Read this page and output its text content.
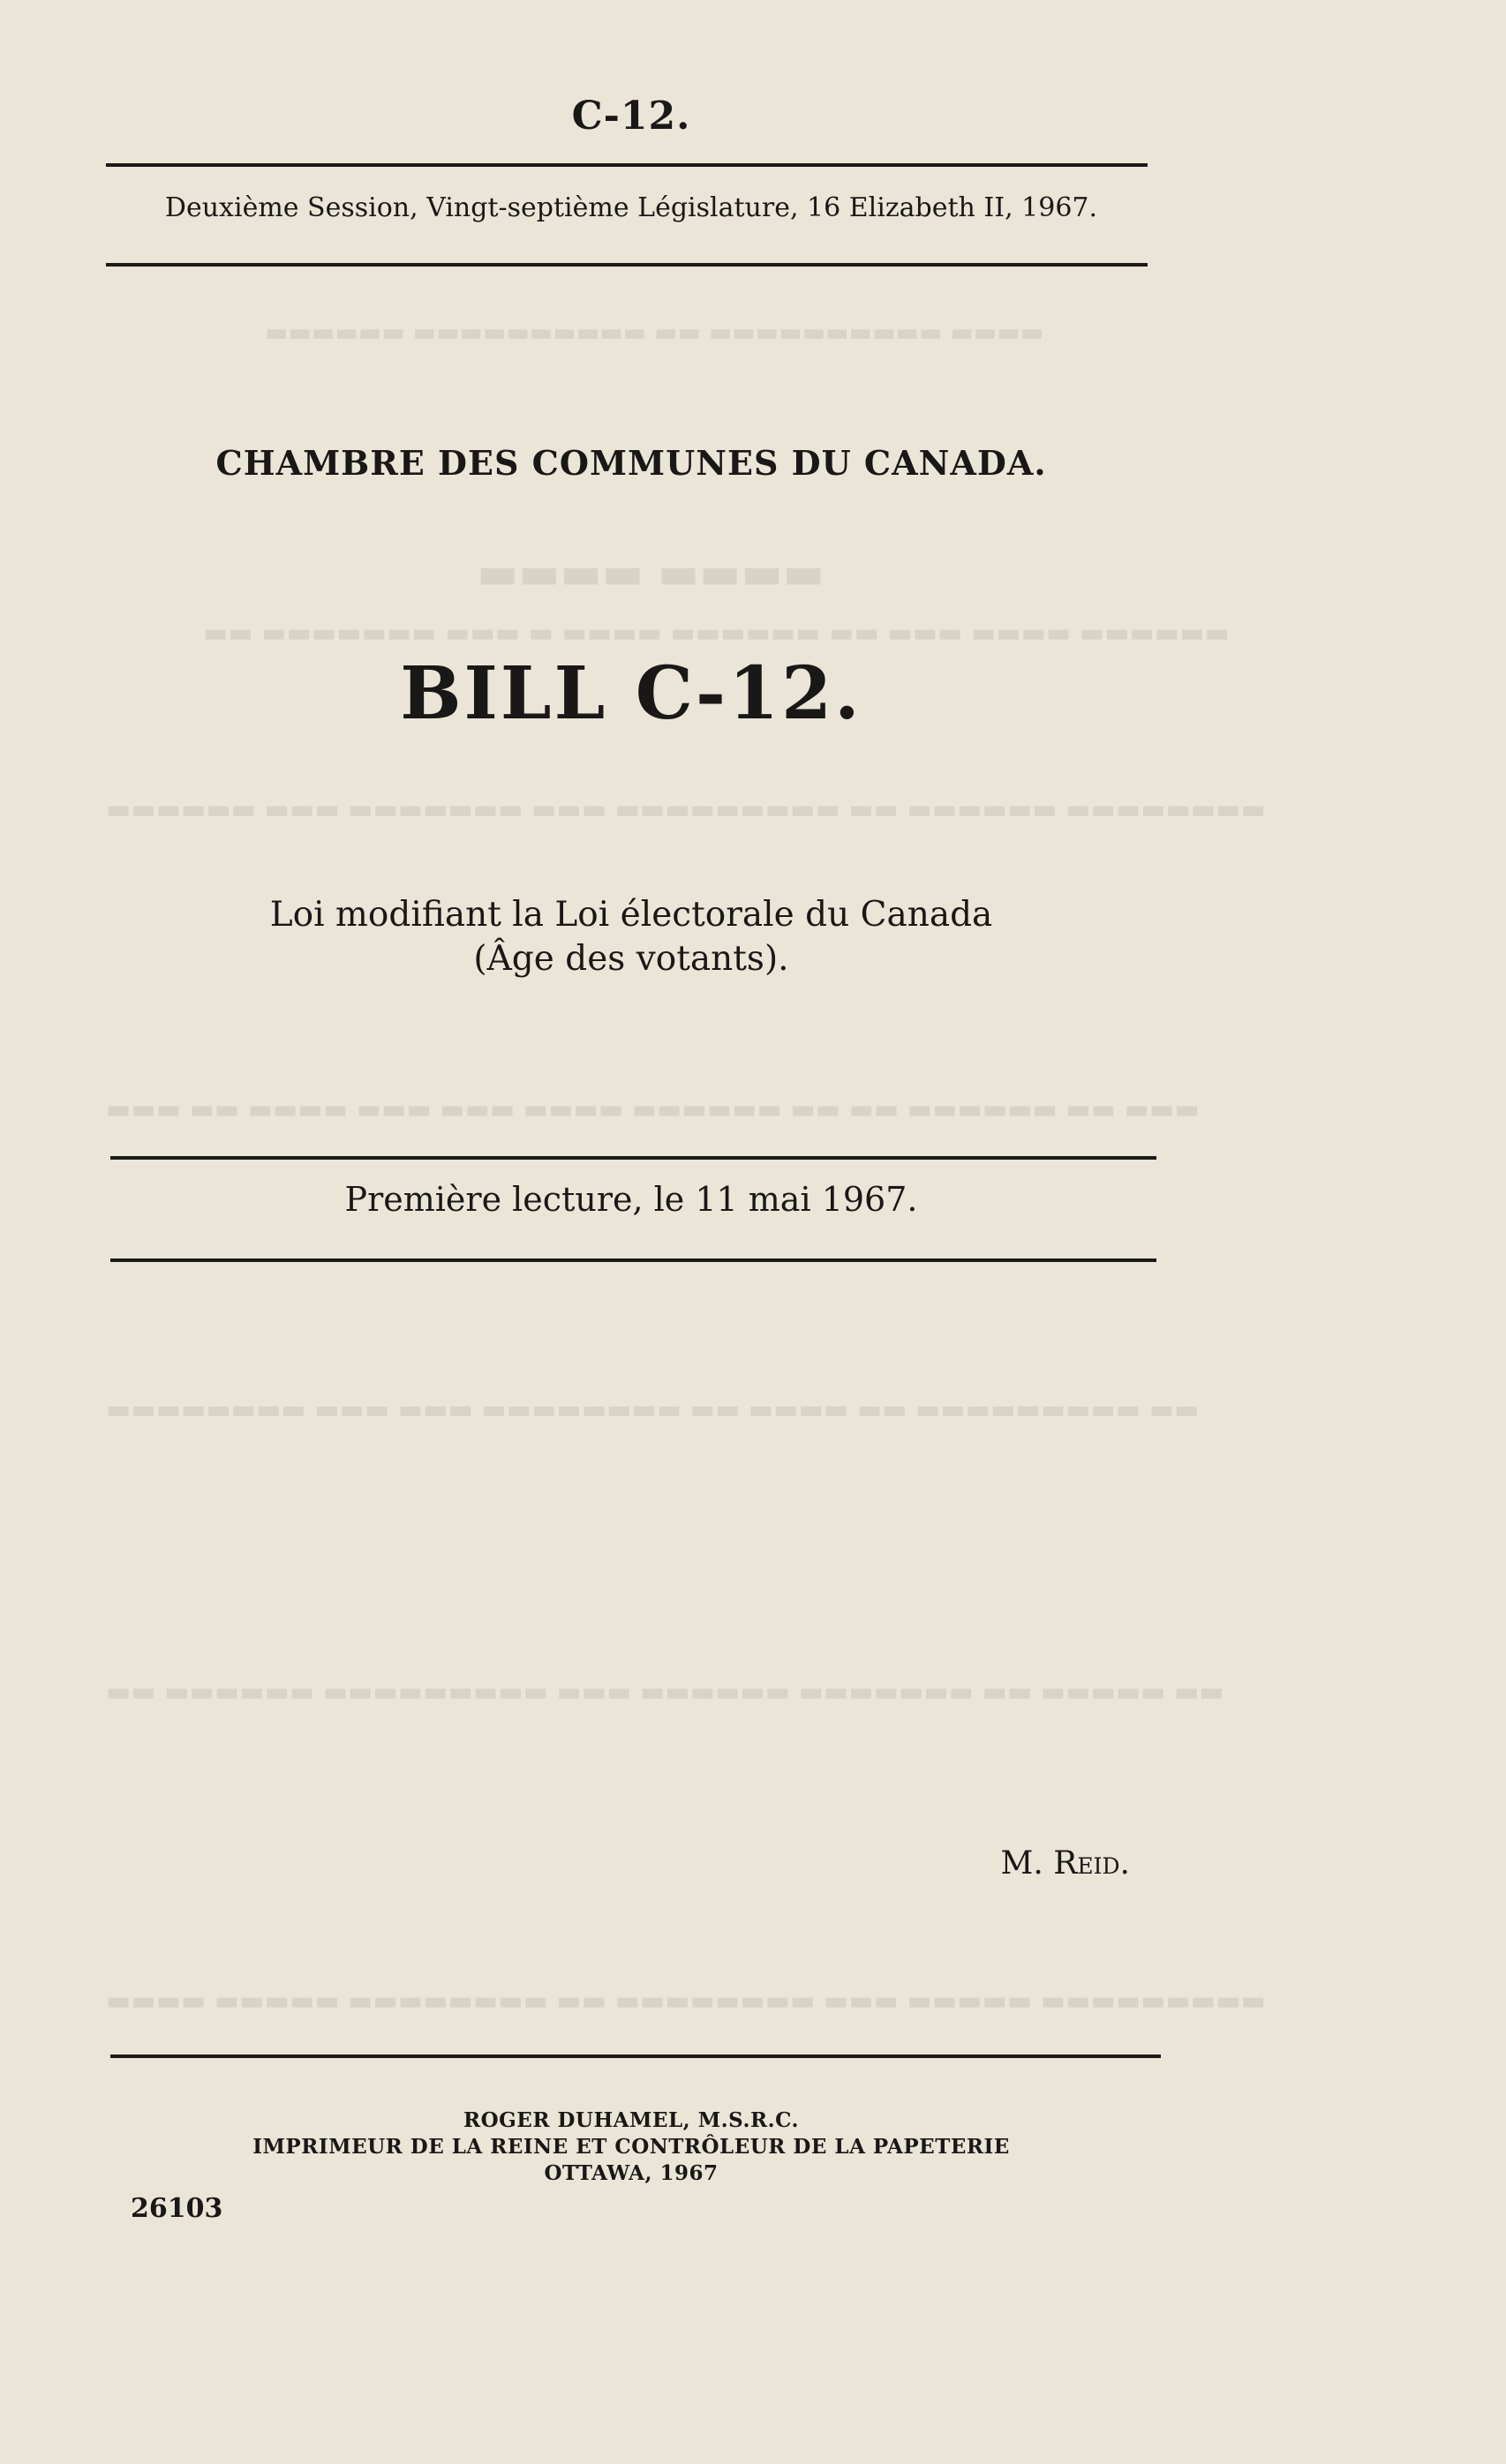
▬▬▬▬▬▬ ▬▬▬▬▬▬▬▬▬▬ ▬▬ ▬▬▬▬▬▬▬▬▬▬ ▬▬▬▬
▬▬▬▬ ▬▬▬▬
▬▬ ▬▬▬▬▬▬▬ ▬▬▬ ▬ ▬▬▬▬ ▬▬▬▬▬▬ ▬▬ ▬▬▬ ▬▬▬▬ ▬▬▬▬▬▬
▬▬▬▬▬▬ ▬▬▬ ▬▬▬▬▬▬▬ ▬▬▬ ▬▬▬▬▬▬▬▬▬ ▬▬ ▬▬▬▬▬▬ ▬▬▬▬▬▬▬▬
▬▬▬ ▬▬ ▬▬▬▬ ▬▬▬ ▬▬▬ ▬▬▬▬ ▬▬▬▬▬▬ ▬▬ ▬▬ ▬▬▬▬▬▬ ▬▬ ▬▬▬
▬▬▬▬▬▬▬▬ ▬▬▬ ▬▬▬ ▬▬▬▬▬▬▬▬ ▬▬ ▬▬▬▬ ▬▬ ▬▬▬▬▬▬▬▬▬ ▬▬
▬▬ ▬▬▬▬▬▬ ▬▬▬▬▬▬▬▬▬ ▬▬▬ ▬▬▬▬▬▬ ▬▬▬▬▬▬▬ ▬▬ ▬▬▬▬▬ ▬▬
▬▬▬▬ ▬▬▬▬▬ ▬▬▬▬▬▬▬▬ ▬▬ ▬▬▬▬▬▬▬▬ ▬▬▬ ▬▬▬▬▬ ▬▬▬▬▬▬▬▬▬
C-12.
Deuxième Session, Vingt-septième Législature, 16 Elizabeth II, 1967.
CHAMBRE DES COMMUNES DU CANADA.
BILL C-12.
Loi modifiant la Loi électorale du Canada
(Âge des votants).
Première lecture, le 11 mai 1967.
M. Reid.
ROGER DUHAMEL, M.S.R.C.
IMPRIMEUR DE LA REINE ET CONTRÔLEUR DE LA PAPETERIE
OTTAWA, 1967
26103
